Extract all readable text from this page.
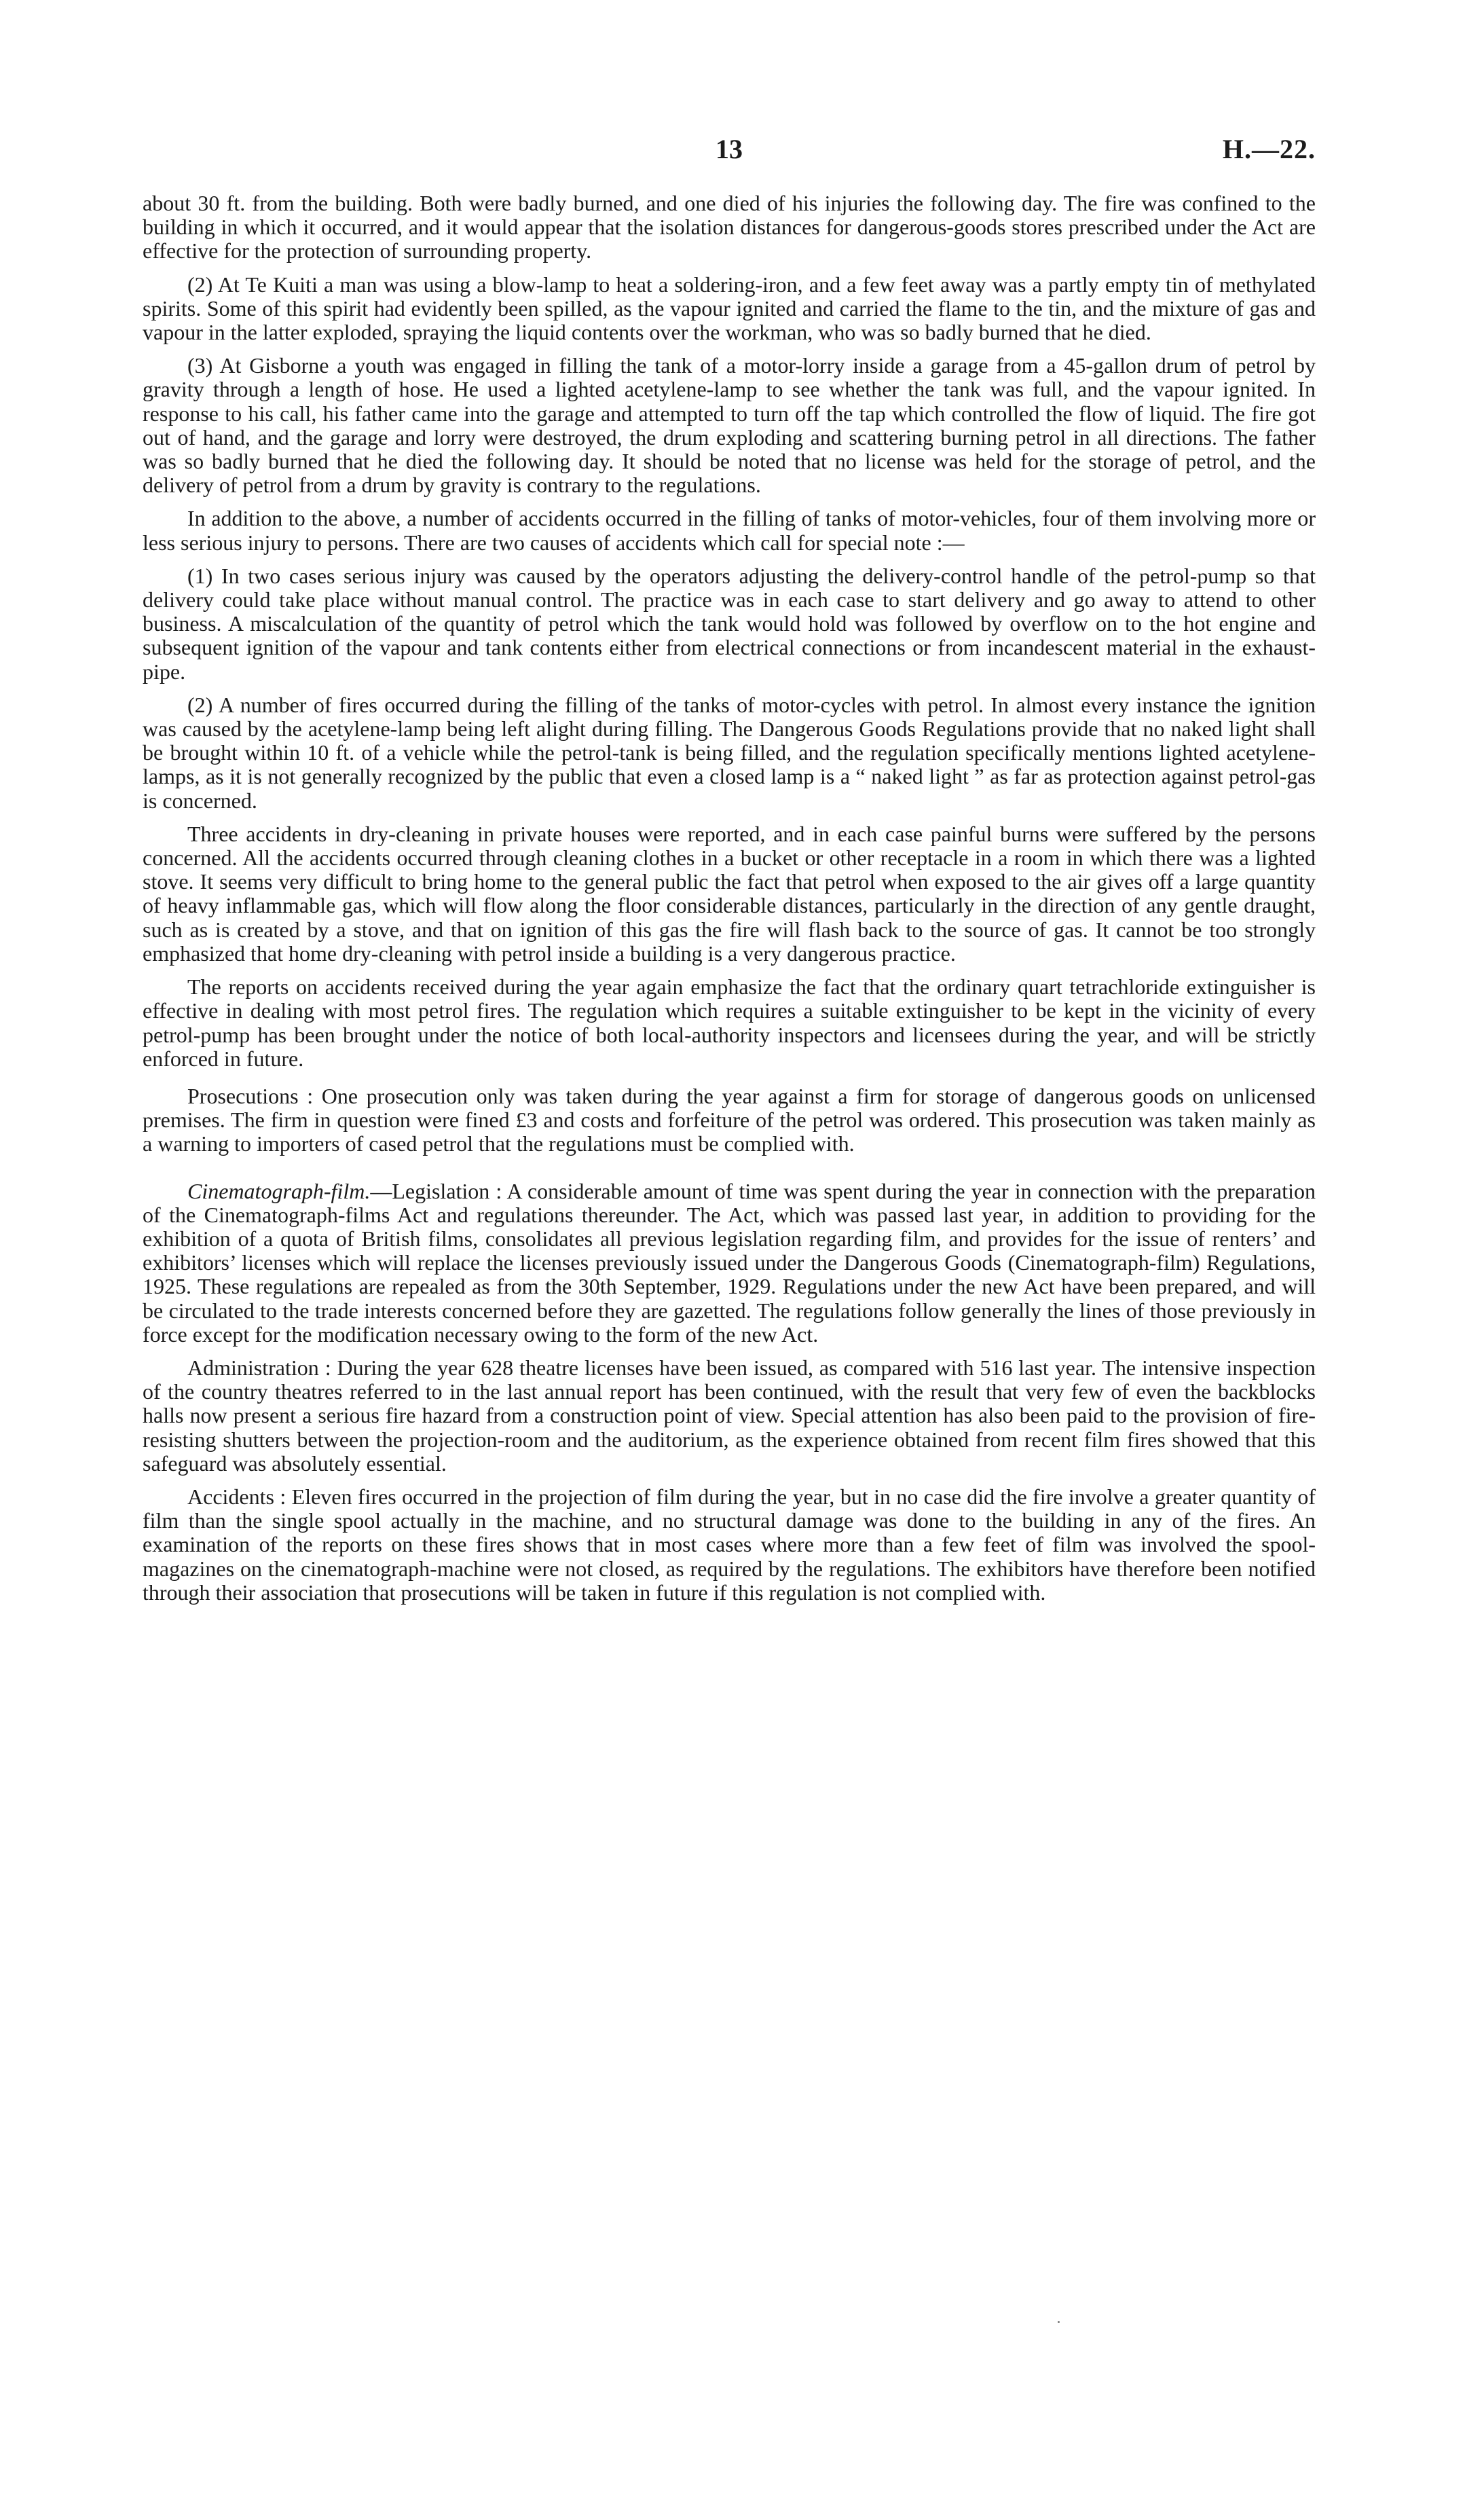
13	H.—22.

about 30 ft. from the building. Both were badly burned, and one died of his injuries the following day. The fire was confined to the building in which it occurred, and it would appear that the isolation distances for dangerous-goods stores prescribed under the Act are effective for the protection of surrounding property.

(2) At Te Kuiti a man was using a blow-lamp to heat a soldering-iron, and a few feet away was a partly empty tin of methylated spirits. Some of this spirit had evidently been spilled, as the vapour ignited and carried the flame to the tin, and the mixture of gas and vapour in the latter exploded, spraying the liquid contents over the workman, who was so badly burned that he died.

(3) At Gisborne a youth was engaged in filling the tank of a motor-lorry inside a garage from a 45-gallon drum of petrol by gravity through a length of hose. He used a lighted acetylene-lamp to see whether the tank was full, and the vapour ignited. In response to his call, his father came into the garage and attempted to turn off the tap which controlled the flow of liquid. The fire got out of hand, and the garage and lorry were destroyed, the drum exploding and scattering burning petrol in all directions. The father was so badly burned that he died the following day. It should be noted that no license was held for the storage of petrol, and the delivery of petrol from a drum by gravity is contrary to the regulations.

In addition to the above, a number of accidents occurred in the filling of tanks of motor-vehicles, four of them involving more or less serious injury to persons. There are two causes of accidents which call for special note :—

(1) In two cases serious injury was caused by the operators adjusting the delivery-control handle of the petrol-pump so that delivery could take place without manual control. The practice was in each case to start delivery and go away to attend to other business. A miscalculation of the quantity of petrol which the tank would hold was followed by overflow on to the hot engine and subsequent ignition of the vapour and tank contents either from electrical connections or from incandescent material in the exhaust-pipe.

(2) A number of fires occurred during the filling of the tanks of motor-cycles with petrol. In almost every instance the ignition was caused by the acetylene-lamp being left alight during filling. The Dangerous Goods Regulations provide that no naked light shall be brought within 10 ft. of a vehicle while the petrol-tank is being filled, and the regulation specifically mentions lighted acetylene-lamps, as it is not generally recognized by the public that even a closed lamp is a “ naked light ” as far as protection against petrol-gas is concerned.

Three accidents in dry-cleaning in private houses were reported, and in each case painful burns were suffered by the persons concerned. All the accidents occurred through cleaning clothes in a bucket or other receptacle in a room in which there was a lighted stove. It seems very difficult to bring home to the general public the fact that petrol when exposed to the air gives off a large quantity of heavy inflammable gas, which will flow along the floor considerable distances, particularly in the direction of any gentle draught, such as is created by a stove, and that on ignition of this gas the fire will flash back to the source of gas. It cannot be too strongly emphasized that home dry-cleaning with petrol inside a building is a very dangerous practice.

The reports on accidents received during the year again emphasize the fact that the ordinary quart tetrachloride extinguisher is effective in dealing with most petrol fires. The regulation which requires a suitable extinguisher to be kept in the vicinity of every petrol-pump has been brought under the notice of both local-authority inspectors and licensees during the year, and will be strictly enforced in future.

Prosecutions : One prosecution only was taken during the year against a firm for storage of dangerous goods on unlicensed premises. The firm in question were fined £3 and costs and forfeiture of the petrol was ordered. This prosecution was taken mainly as a warning to importers of cased petrol that the regulations must be complied with.

Cinematograph-film.—Legislation : A considerable amount of time was spent during the year in connection with the preparation of the Cinematograph-films Act and regulations thereunder. The Act, which was passed last year, in addition to providing for the exhibition of a quota of British films, consolidates all previous legislation regarding film, and provides for the issue of renters’ and exhibitors’ licenses which will replace the licenses previously issued under the Dangerous Goods (Cinematograph-film) Regulations, 1925. These regulations are repealed as from the 30th September, 1929. Regulations under the new Act have been prepared, and will be circulated to the trade interests concerned before they are gazetted. The regulations follow generally the lines of those previously in force except for the modification necessary owing to the form of the new Act.

Administration : During the year 628 theatre licenses have been issued, as compared with 516 last year. The intensive inspection of the country theatres referred to in the last annual report has been continued, with the result that very few of even the backblocks halls now present a serious fire hazard from a construction point of view. Special attention has also been paid to the provision of fire-resisting shutters between the projection-room and the auditorium, as the experience obtained from recent film fires showed that this safeguard was absolutely essential.

Accidents : Eleven fires occurred in the projection of film during the year, but in no case did the fire involve a greater quantity of film than the single spool actually in the machine, and no structural damage was done to the building in any of the fires. An examination of the reports on these fires shows that in most cases where more than a few feet of film was involved the spool-magazines on the cinematograph-machine were not closed, as required by the regulations. The exhibitors have therefore been notified through their association that prosecutions will be taken in future if this regulation is not complied with.
